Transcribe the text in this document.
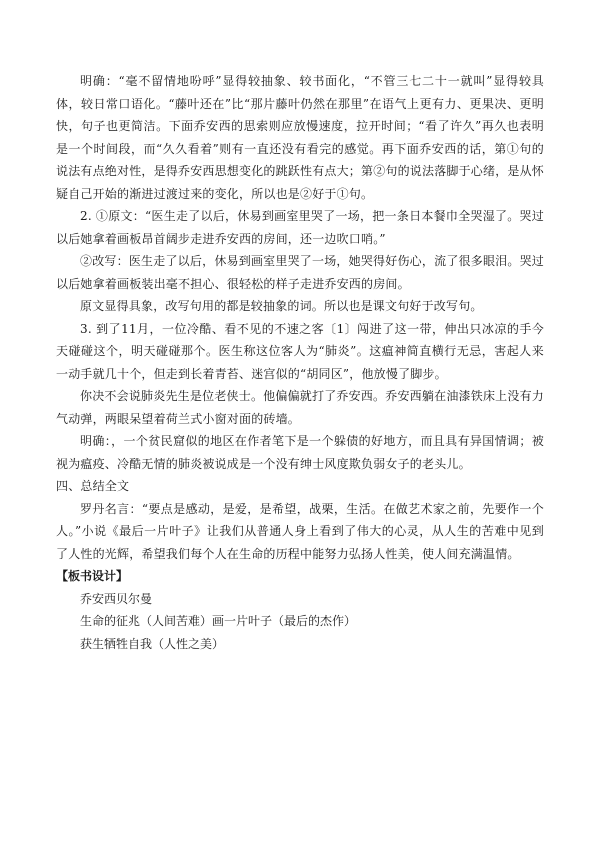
明确：“毫不留情地吩呼”显得较抽象、较书面化，“不管三七二十一就叫”显得较具体，较日常口语化。“藤叶还在”比“那片藤叶仍然在那里”在语气上更有力、更果决、更明快，句子也更简洁。下面乔安西的思索则应放慢速度，拉开时间；“看了许久”再久也表明是一个时间段，而“久久看着”则有一直还没有看完的感觉。再下面乔安西的话，第①句的说法有点绝对性，是得乔安西思想变化的跳跃性有点大；第②句的说法落脚于心绪，是从怀疑自己开始的渐进过渡过来的变化，所以也是②好于①句。

2. ①原文：“医生走了以后，休易到画室里哭了一场，把一条日本餐巾全哭湿了。哭过以后她拿着画板昂首阔步走进乔安西的房间，还一边吹口哨。”

②改写：医生走了以后，休易到画室里哭了一场，她哭得好伤心，流了很多眼泪。哭过以后她拿着画板装出毫不担心、很轻松的样子走进乔安西的房间。

原文显得具象，改写句用的都是较抽象的词。所以也是课文句好于改写句。

3. 到了11月，一位冷酷、看不见的不速之客〔1〕闯进了这一带，伸出只冰凉的手今天碰碰这个，明天碰碰那个。医生称这位客人为“肺炎”。这瘟神简直横行无忌，害起人来一动手就几十个，但走到长着青苔、迷宫似的“胡同区”，他放慢了脚步。

你决不会说肺炎先生是位老侠士。他偏偏就打了乔安西。乔安西躺在油漆铁床上没有力气动弹，两眼呆望着荷兰式小窗对面的砖墙。

明确：，一个贫民窟似的地区在作者笔下是一个躲债的好地方，而且具有异国情调；被视为瘟疫、冷酷无情的肺炎被说成是一个没有绅士风度欺负弱女子的老头儿。

四、总结全文

罗丹名言：“要点是感动，是爱，是希望，战栗，生活。在做艺术家之前，先要作一个人。”小说《最后一片叶子》让我们从普通人身上看到了伟大的心灵，从人生的苦难中见到了人性的光辉，希望我们每个人在生命的历程中能努力弘扬人性美，使人间充满温情。

【板书设计】

乔安西贝尔曼
生命的征兆（人间苦难）画一片叶子（最后的杰作）
获生牺牲自我（人性之美）
